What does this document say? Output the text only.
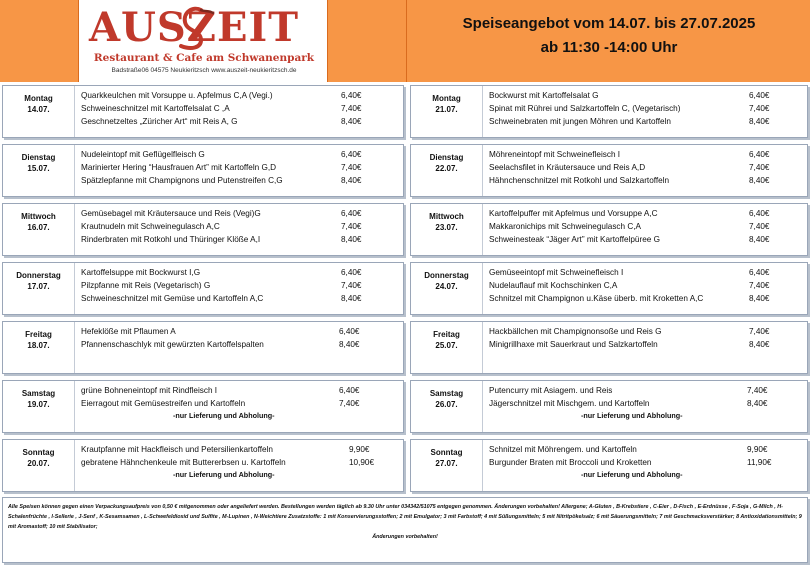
AUSZEIT
Restaurant & Cafe am Schwanenpark
Badstraße06 04575 Neukieritzsch www.auszeit-neukieritzsch.de
Speiseangebot vom 14.07. bis 27.07.2025
ab 11:30 -14:00 Uhr
Montag
14.07.
Quarkkeulchen mit Vorsuppe u. Apfelmus C,A (Vegi.)	6,40€
Schweineschnitzel mit Kartoffelsalat C ,A	7,40€
Geschnetzeltes „Züricher Art“ mit Reis A, G	8,40€
Dienstag
15.07.
Nudeleintopf mit Geflügelfleisch G	6,40€
Marinierter Hering “Hausfrauen Art” mit Kartoffeln G,D	7,40€
Spätzlepfanne mit Champignons und Putenstreifen C,G	8,40€
Mittwoch
16.07.
Gemüsebagel mit Kräutersauce und Reis (Vegi)G	6,40€
Krautnudeln mit Schweinegulasch A,C	7,40€
Rinderbraten mit Rotkohl und Thüringer Klöße A,I	8,40€
Donnerstag
17.07.
Kartoffelsuppe mit Bockwurst I,G	6,40€
Pilzpfanne mit Reis (Vegetarisch) G	7,40€
Schweineschnitzel mit Gemüse und Kartoffeln A,C	8,40€
Freitag
18.07.
Hefeklöße mit Pflaumen A	6,40€
Pfannenschaschlyk mit gewürzten Kartoffelspalten	8,40€
Samstag
19.07.
grüne Bohneneintopf mit Rindfleisch I	6,40€
Eierragout mit Gemüsestreifen und Kartoffeln	7,40€
-nur Lieferung und Abholung-
Sonntag
20.07.
Krautpfanne mit Hackfleisch und Petersilienkartoffeln	9,90€
gebratene Hähnchenkeule mit Buttererbsen u. Kartoffeln	10,90€
-nur Lieferung und Abholung-
Montag
21.07.
Bockwurst mit Kartoffelsalat G	6,40€
Spinat mit Rührei und Salzkartoffeln C, (Vegetarisch)	7,40€
Schweinebraten mit jungen Möhren und Kartoffeln	8,40€
Dienstag
22.07.
Möhreneintopf mit Schweinefleisch I	6,40€
Seelachsfilet in Kräutersauce und Reis A,D	7,40€
Hähnchenschnitzel mit Rotkohl und Salzkartoffeln	8,40€
Mittwoch
23.07.
Kartoffelpuffer mit Apfelmus und Vorsuppe A,C	6,40€
Makkaronichips mit Schweinegulasch C,A	7,40€
Schweinesteak “Jäger Art” mit Kartoffelpüree G	8,40€
Donnerstag
24.07.
Gemüseeintopf mit Schweinefleisch I	6,40€
Nudelauflauf mit Kochschinken C,A	7,40€
Schnitzel mit Champignon u.Käse überb. mit Kroketten A,C	8,40€
Freitag
25.07.
Hackbällchen mit Champignonsoße und Reis G	7,40€
Minigrillhaxe mit Sauerkraut und Salzkartoffeln	8,40€
Samstag
26.07.
Putencurry mit Asiagem. und Reis	7,40€
Jägerschnitzel mit Mischgem. und Kartoffeln	8,40€
-nur Lieferung und Abholung-
Sonntag
27.07.
Schnitzel mit Möhrengem. und Kartoffeln	9,90€
Burgunder Braten mit Broccoli und Kroketten	11,90€
-nur Lieferung und Abholung-

Alle Speisen können gegen einen Verpackungsaufpreis von 0,50 € mitgenommen oder angeliefert werden. Bestellungen werden täglich ab 9.30 Uhr unter 034342/51075 entgegen genommen. Änderungen vorbehalten! Allergene; A-Gluten , B-Krebstiere , C-Eier , D-Fisch , E-Erdnüsse , F-Soja , G-Milch , H-Schalenfrüchte , I-Sellerie , J-Senf , K-Sesamsamen , L-Schwefeldioxid und Sulfite , M-Lupinen , N-Weichtiere Zusatzstoffe: 1 mit Konservierungsstoffen; 2 mit Emulgator; 3 mit Farbstoff; 4 mit Süßungsmitteln; 5 mit Nitritpökelsalz; 6 mit Säuerungsmitteln; 7 mit Geschmacksverstärker; 8 Antioxidationsmitteln; 9 mit Aromastoff; 10 mit Stabilisator;

Änderungen vorbehalten!
